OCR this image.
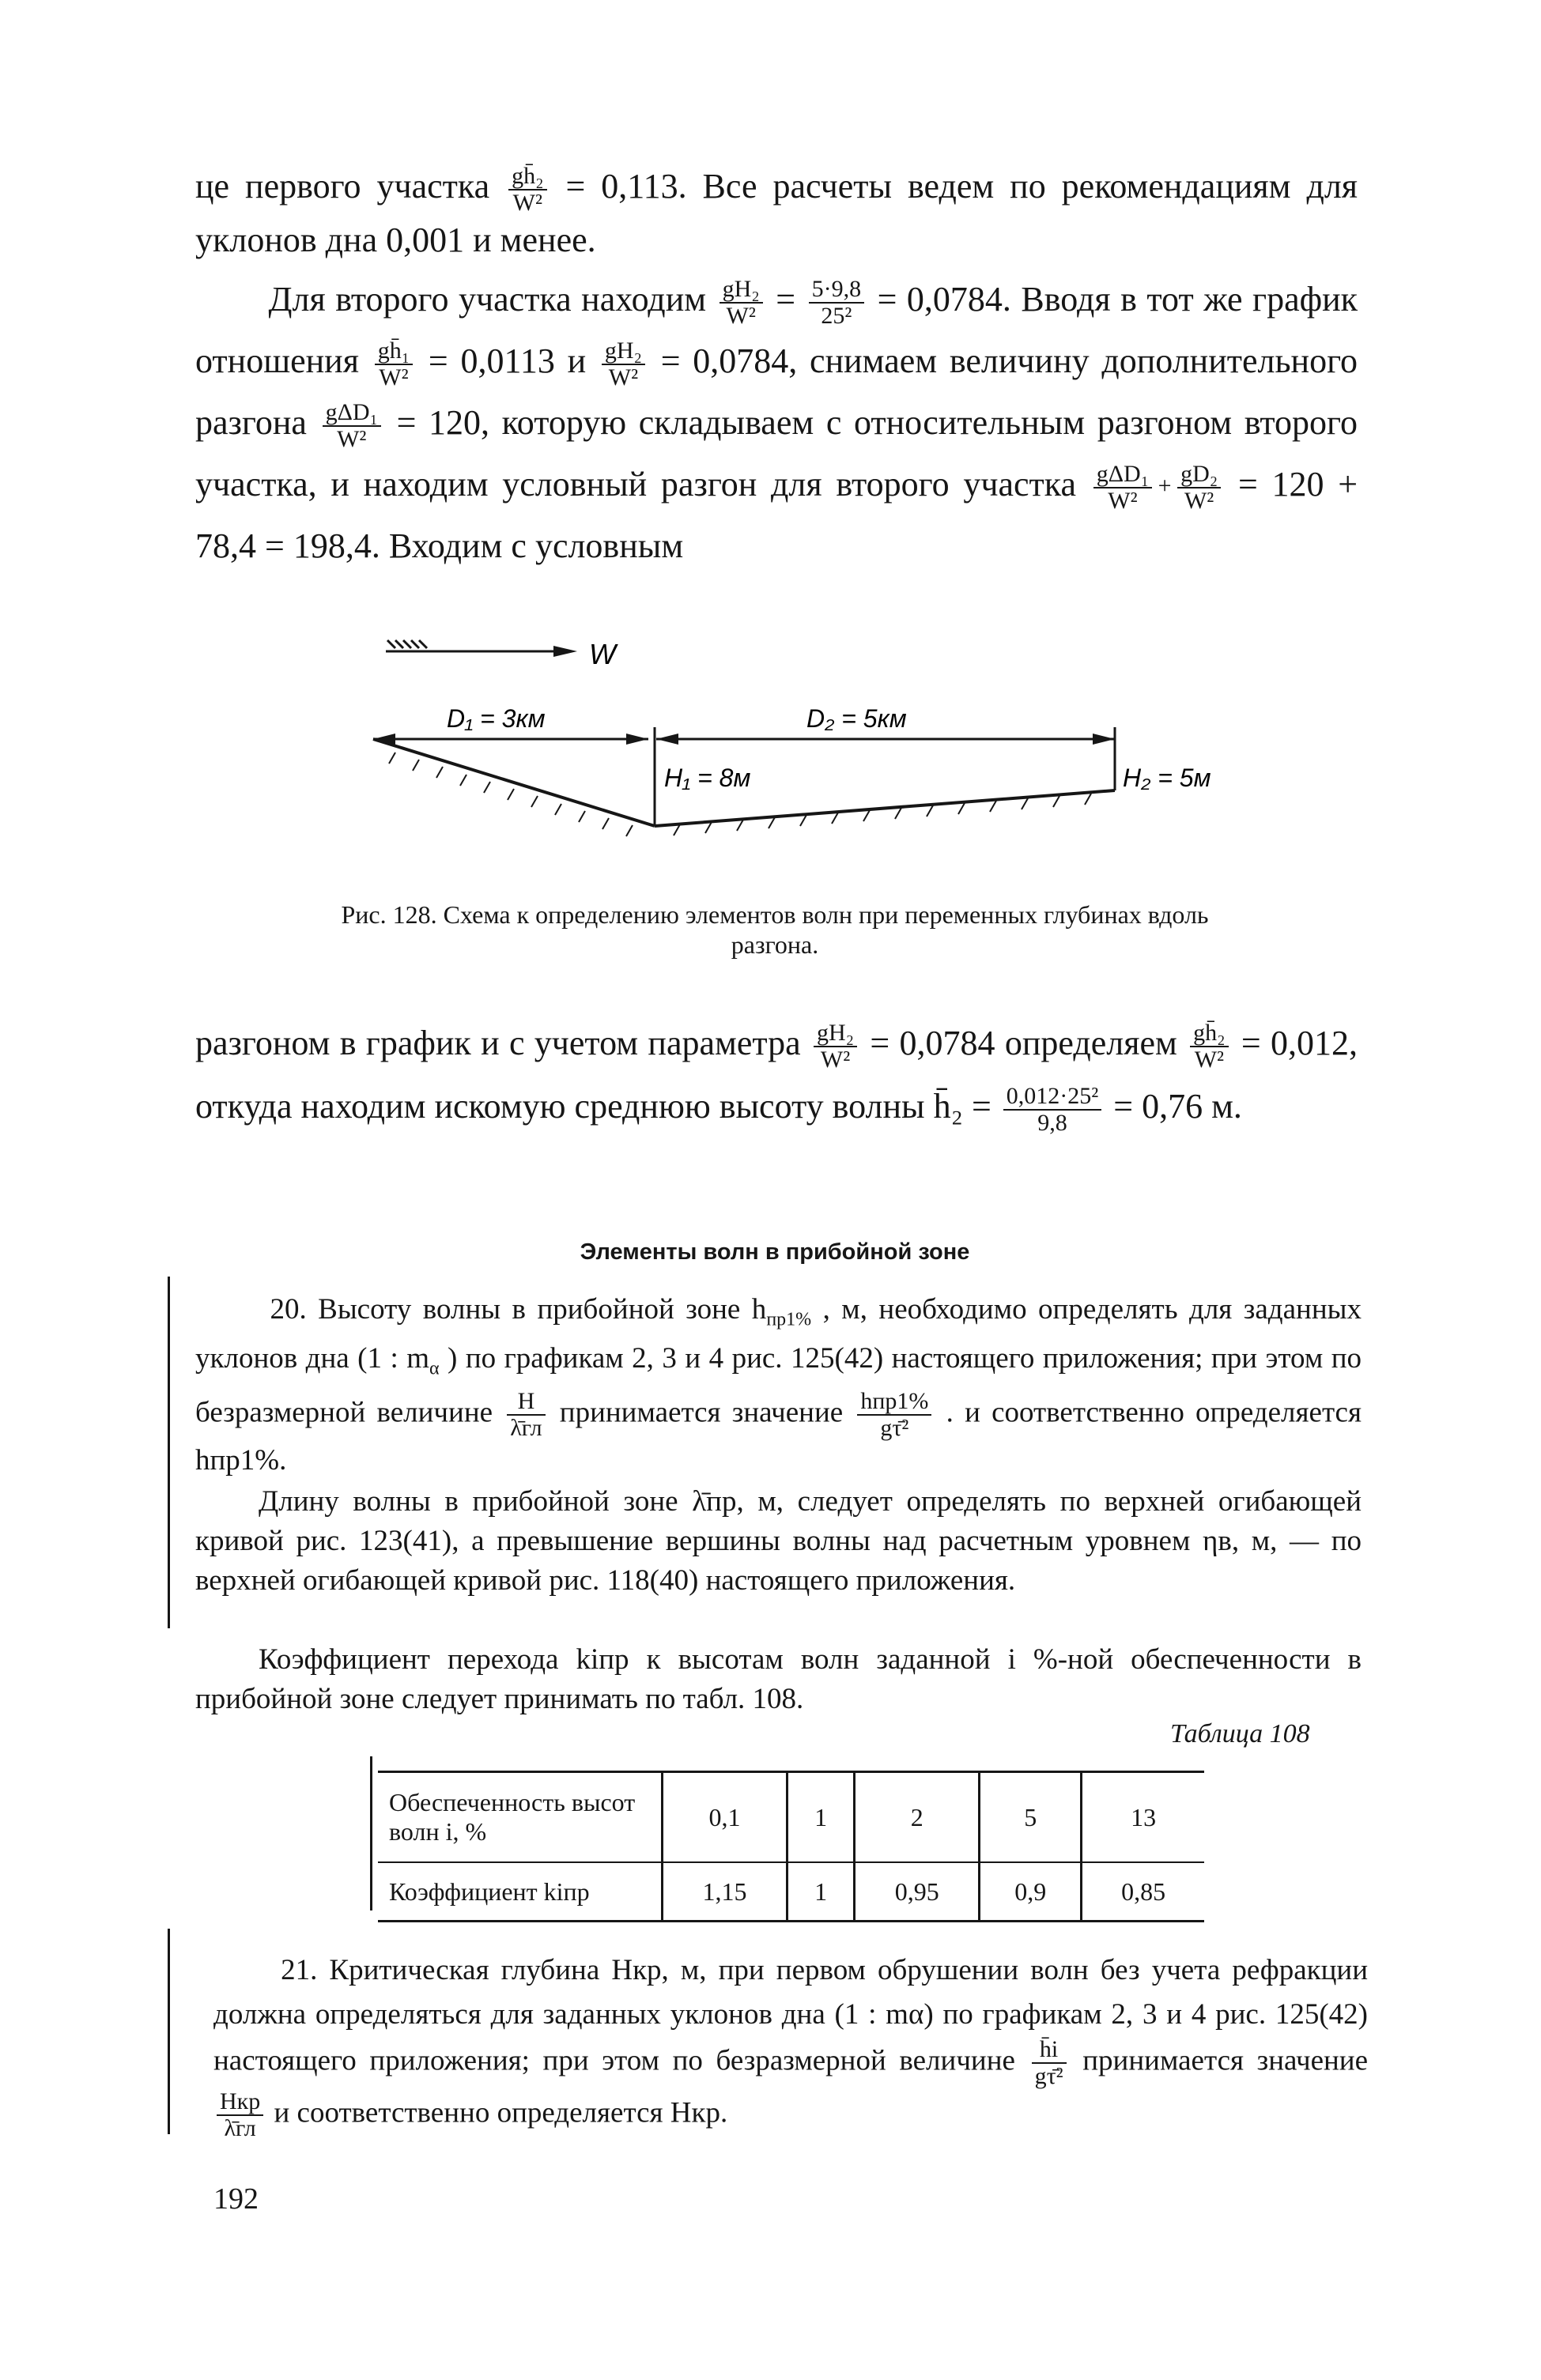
це первого участка $\frac{\text{gh̄₂}}{\text{W²}} = 0,113$. Все расчеты ведем по рекомендациям для уклонов дна 0,001 и менее.

Для второго участка находим $\frac{\text{gH₂}}{\text{W²}} = \frac{5\cdot 9,8}{\text{25²}} = 0,0784$. Вводя в тот же график отношения $\frac{\text{gh̄₁}}{\text{W²}} = 0,0113$ и $\frac{\text{gH₂}}{\text{W²}} = 0,0784$, снимаем величину дополнительного разгона gΔD₁
W² = 120, которую складываем с относительным разгоном второго участка, и находим условный разгон для второго участка gΔD₁
W²
+ $\frac{\text{gD₂}}{\text{W²}} = 120 + 78,4 = 198,4$. Входим с условным

W
D₁ = 3км	D₂ = 5км
H₁ = 8м	H₂ = 5м

Рис. 128. Схема к определению элементов волн при переменных глубинах вдоль разгона.

разгоном в график и с учетом параметра $\frac{\text{gH₂}}{\text{W²}} = 0,0784$ определяем $\frac{\text{gh̄₂}}{\text{W²}} = 0,012$, откуда находим искомую среднюю высоту волны h̄₂ = $\frac{\text{0,012·25²}}{9,8} = 0,76$ м.

Элементы волн в прибойной зоне

20. Высоту волны в прибойной зоне $h_{пр1\%}$ , м, необходимо определять для заданных уклонов дна (1 : $m_\alpha$ ) по графикам 2, 3 и 4 рис. 125(42) настоящего приложения; при этом по безразмерной величине	H
λ̄гл принимается значение hпр1%
gτ̄²	. и соответственно определяется hпр1%.

Длину волны в прибойной зоне λ̄пр, м, следует определять по верхней огибающей кривой рис. 123(41), а превышение вершины волны над расчетным уровнем ηв, м, — по верхней огибающей кривой рис. 118(40) настоящего приложения.

Коэффициент перехода kiпр к высотам волн заданной i %-ной обеспеченности в прибойной зоне следует принимать по табл. 108.

Таблица 108
Обеспеченность высот волн i, %	0,1	1	2	5	13
Коэффициент kiпр	1,15	1	0,95	0,9	0,85

21. Критическая глубина Hкр, м, при первом обрушении волн без учета рефракции должна определяться для заданных уклонов дна (1 : mα) по графикам 2, 3 и 4 рис. 125(42) настоящего приложения; при этом по безразмерной величине $\frac{h̄i}{\text{gτ̄²}}$ принимается значение
Hкр
λ̄гл и соответственно определяется Hкр.

192
